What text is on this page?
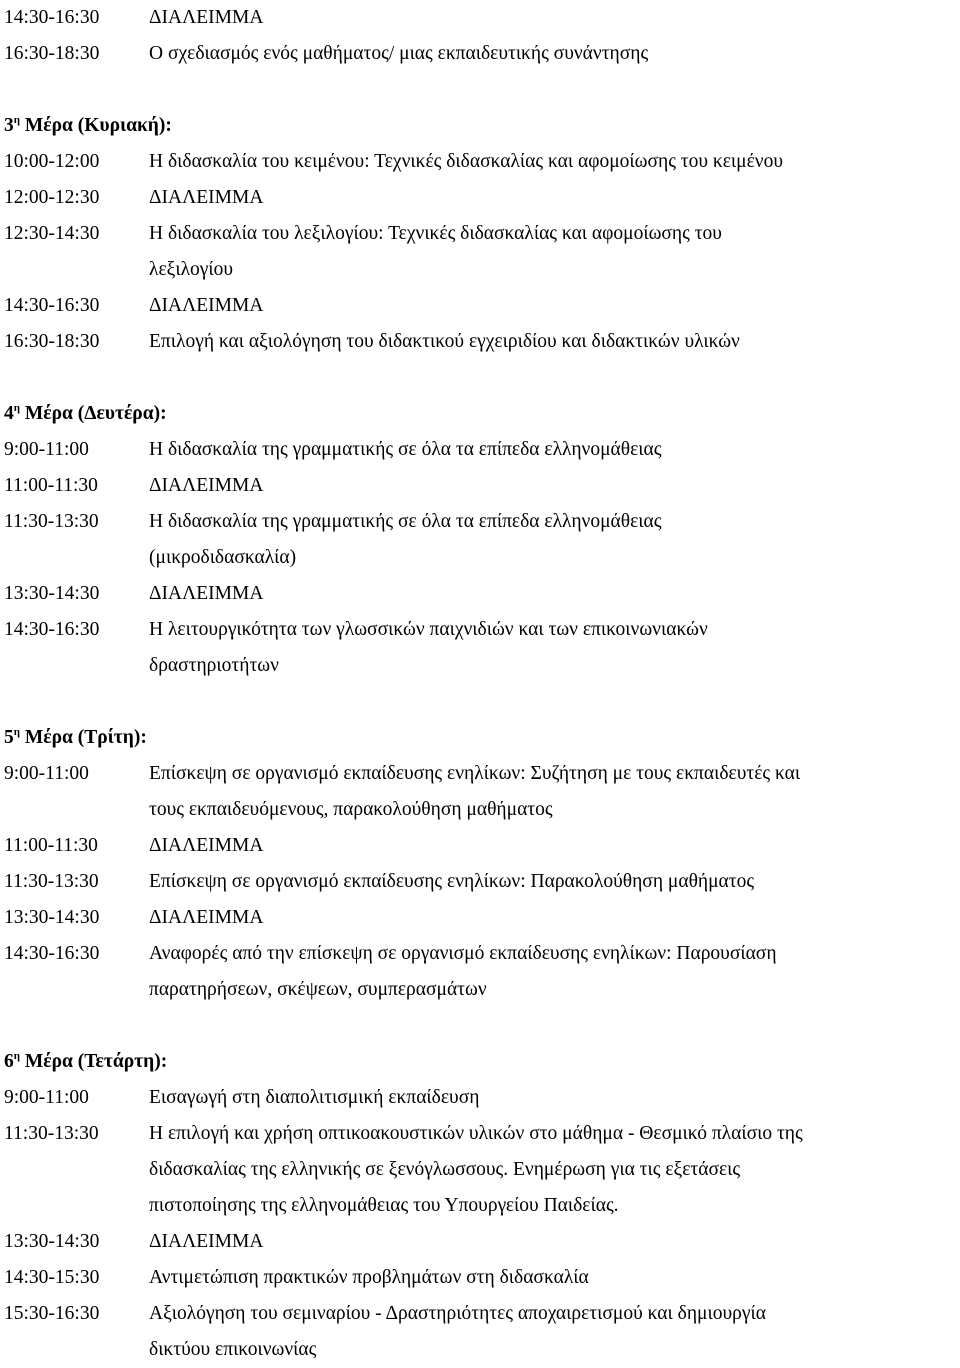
14:30-16:30	ΔΙΑΛΕΙΜΜΑ
16:30-18:30	Ο σχεδιασμός ενός μαθήματος/ μιας εκπαιδευτικής συνάντησης
$3^\eta$ Μέρα (Κυριακή):
10:00-12:00	Η διδασκαλία του κειμένου: Τεχνικές διδασκαλίας και αφομοίωσης του κειμένου
12:00-12:30	ΔΙΑΛΕΙΜΜΑ
12:30-14:30	Η διδασκαλία του λεξιλογίου: Τεχνικές διδασκαλίας και αφομοίωσης του
λεξιλογίου
14:30-16:30	ΔΙΑΛΕΙΜΜΑ
16:30-18:30	Επιλογή και αξιολόγηση του διδακτικού εγχειριδίου και διδακτικών υλικών
$4^\eta$ Μέρα (Δευτέρα):
9:00-11:00	Η διδασκαλία της γραμματικής σε όλα τα επίπεδα ελληνομάθειας
11:00-11:30	ΔΙΑΛΕΙΜΜΑ
11:30-13:30	Η διδασκαλία της γραμματικής σε όλα τα επίπεδα ελληνομάθειας
(μικροδιδασκαλία)
13:30-14:30	ΔΙΑΛΕΙΜΜΑ
14:30-16:30	Η λειτουργικότητα των γλωσσικών παιχνιδιών και των επικοινωνιακών
δραστηριοτήτων
$5^\eta$ Μέρα (Τρίτη):
9:00-11:00	Επίσκεψη σε οργανισμό εκπαίδευσης ενηλίκων: Συζήτηση με τους εκπαιδευτές και
τους εκπαιδευόμενους, παρακολούθηση μαθήματος
11:00-11:30	ΔΙΑΛΕΙΜΜΑ
11:30-13:30	Επίσκεψη σε οργανισμό εκπαίδευσης ενηλίκων: Παρακολούθηση μαθήματος
13:30-14:30	ΔΙΑΛΕΙΜΜΑ
14:30-16:30	Αναφορές από την επίσκεψη σε οργανισμό εκπαίδευσης ενηλίκων: Παρουσίαση
παρατηρήσεων, σκέψεων, συμπερασμάτων
$6^\eta$ Μέρα (Τετάρτη):
9:00-11:00	Εισαγωγή στη διαπολιτισμική εκπαίδευση
11:30-13:30	Η επιλογή και χρήση οπτικοακουστικών υλικών στο μάθημα - Θεσμικό πλαίσιο της
διδασκαλίας της ελληνικής σε ξενόγλωσσους. Ενημέρωση για τις εξετάσεις
πιστοποίησης της ελληνομάθειας του Υπουργείου Παιδείας.
13:30-14:30	ΔΙΑΛΕΙΜΜΑ
14:30-15:30	Αντιμετώπιση πρακτικών προβλημάτων στη διδασκαλία
15:30-16:30	Αξιολόγηση του σεμιναρίου - Δραστηριότητες αποχαιρετισμού και δημιουργία
δικτύου επικοινωνίας
